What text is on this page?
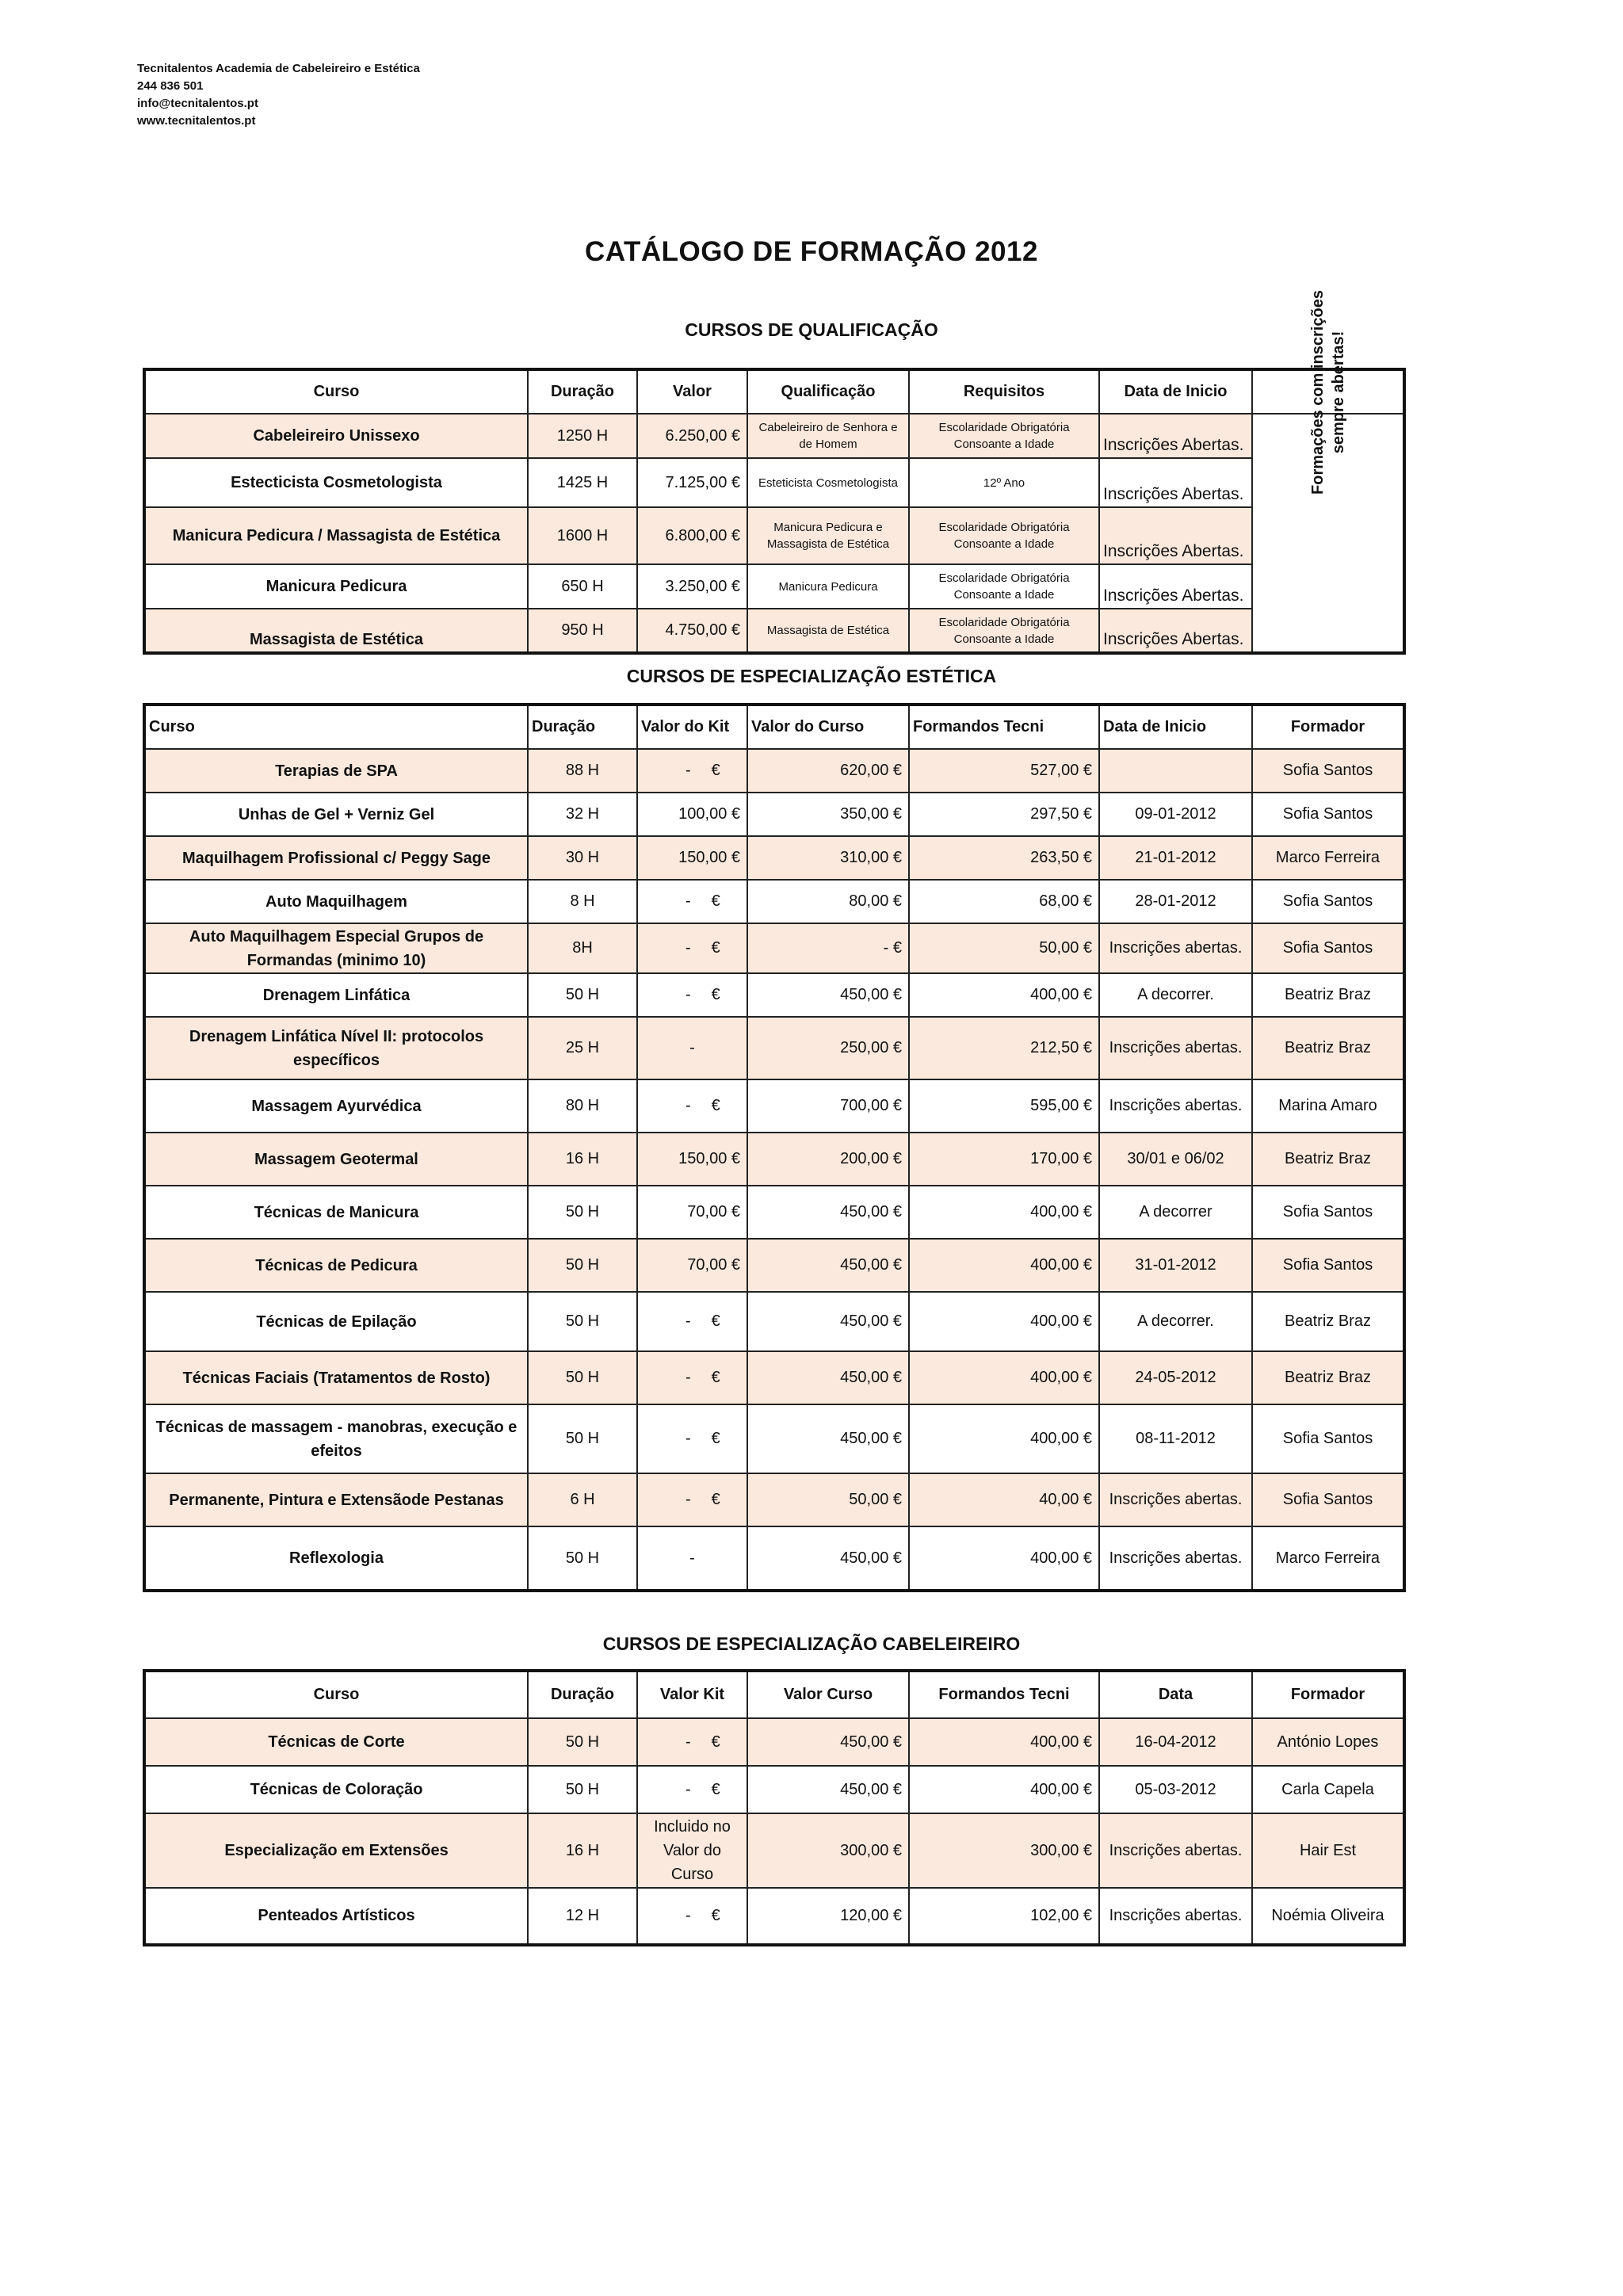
Tecnitalentos Academia de Cabeleireiro e Estética
244 836 501
info@tecnitalentos.pt
www.tecnitalentos.pt
CATÁLOGO DE FORMAÇÃO 2012
CURSOS DE QUALIFICAÇÃO
Curso	Duração	Valor	Qualificação	Requisitos	Data de Inicio	Formações com inscrições sempre abertas!

Cabeleireiro Unissexo	1250 H	6.250,00 €	Cabeleireiro de Senhora e de Homem	Escolaridade Obrigatória Consoante a Idade	Inscrições Abertas.	
Estecticista Cosmetologista	1425 H	7.125,00 €	Esteticista Cosmetologista	12º Ano	Inscrições Abertas.	
Manicura Pedicura / Massagista de Estética	1600 H	6.800,00 €	Manicura Pedicura e Massagista de Estética	Escolaridade Obrigatória Consoante a Idade	Inscrições Abertas.	
Manicura Pedicura	650 H	3.250,00 €	Manicura Pedicura	Escolaridade Obrigatória Consoante a Idade	Inscrições Abertas.	
Massagista de Estética	950 H	4.750,00 €	Massagista de Estética	Escolaridade Obrigatória Consoante a Idade	Inscrições Abertas.	
CURSOS DE ESPECIALIZAÇÃO ESTÉTICA
Curso	Duração	Valor do Kit	Valor do Curso	Formandos Tecni	Data de Inicio	Formador
Terapias de SPA	88 H	- €	620,00 €	527,00 €		Sofia Santos
Unhas de Gel + Verniz Gel	32 H	100,00 €	350,00 €	297,50 €	09-01-2012	Sofia Santos
Maquilhagem Profissional c/ Peggy Sage	30 H	150,00 €	310,00 €	263,50 €	21-01-2012	Marco Ferreira
Auto Maquilhagem	8 H	- €	80,00 €	68,00 €	28-01-2012	Sofia Santos
Auto Maquilhagem Especial Grupos de Formandas (minimo 10)	8H	- €	- €	50,00 €	Inscrições abertas.	Sofia Santos
Drenagem Linfática	50 H	- €	450,00 €	400,00 €	A decorrer.	Beatriz Braz
Drenagem Linfática Nível II: protocolos específicos	25 H	-	250,00 €	212,50 €	Inscrições abertas.	Beatriz Braz
Massagem Ayurvédica	80 H	- €	700,00 €	595,00 €	Inscrições abertas.	Marina Amaro
Massagem Geotermal	16 H	150,00 €	200,00 €	170,00 €	30/01 e 06/02	Beatriz Braz
Técnicas de Manicura	50 H	70,00 €	450,00 €	400,00 €	A decorrer	Sofia Santos
Técnicas de Pedicura	50 H	70,00 €	450,00 €	400,00 €	31-01-2012	Sofia Santos
Técnicas de Epilação	50 H	- €	450,00 €	400,00 €	A decorrer.	Beatriz Braz
Técnicas Faciais (Tratamentos de Rosto)	50 H	- €	450,00 €	400,00 €	24-05-2012	Beatriz Braz
Técnicas de massagem - manobras, execução e efeitos	50 H	- €	450,00 €	400,00 €	08-11-2012	Sofia Santos
Permanente, Pintura e Extensãode Pestanas	6 H	- €	50,00 €	40,00 €	Inscrições abertas.	Sofia Santos
Reflexologia	50 H	-	450,00 €	400,00 €	Inscrições abertas.	Marco Ferreira
CURSOS DE ESPECIALIZAÇÃO CABELEIREIRO
Curso	Duração	Valor Kit	Valor Curso	Formandos Tecni	Data	Formador
Técnicas de Corte	50 H	- €	450,00 €	400,00 €	16-04-2012	António Lopes
Técnicas de Coloração	50 H	- €	450,00 €	400,00 €	05-03-2012	Carla Capela
Especialização em Extensões	16 H	Incluido no Valor do Curso	300,00 €	300,00 €	Inscrições abertas.	Hair Est
Penteados Artísticos	12 H	- €	120,00 €	102,00 €	Inscrições abertas.	Noémia Oliveira
